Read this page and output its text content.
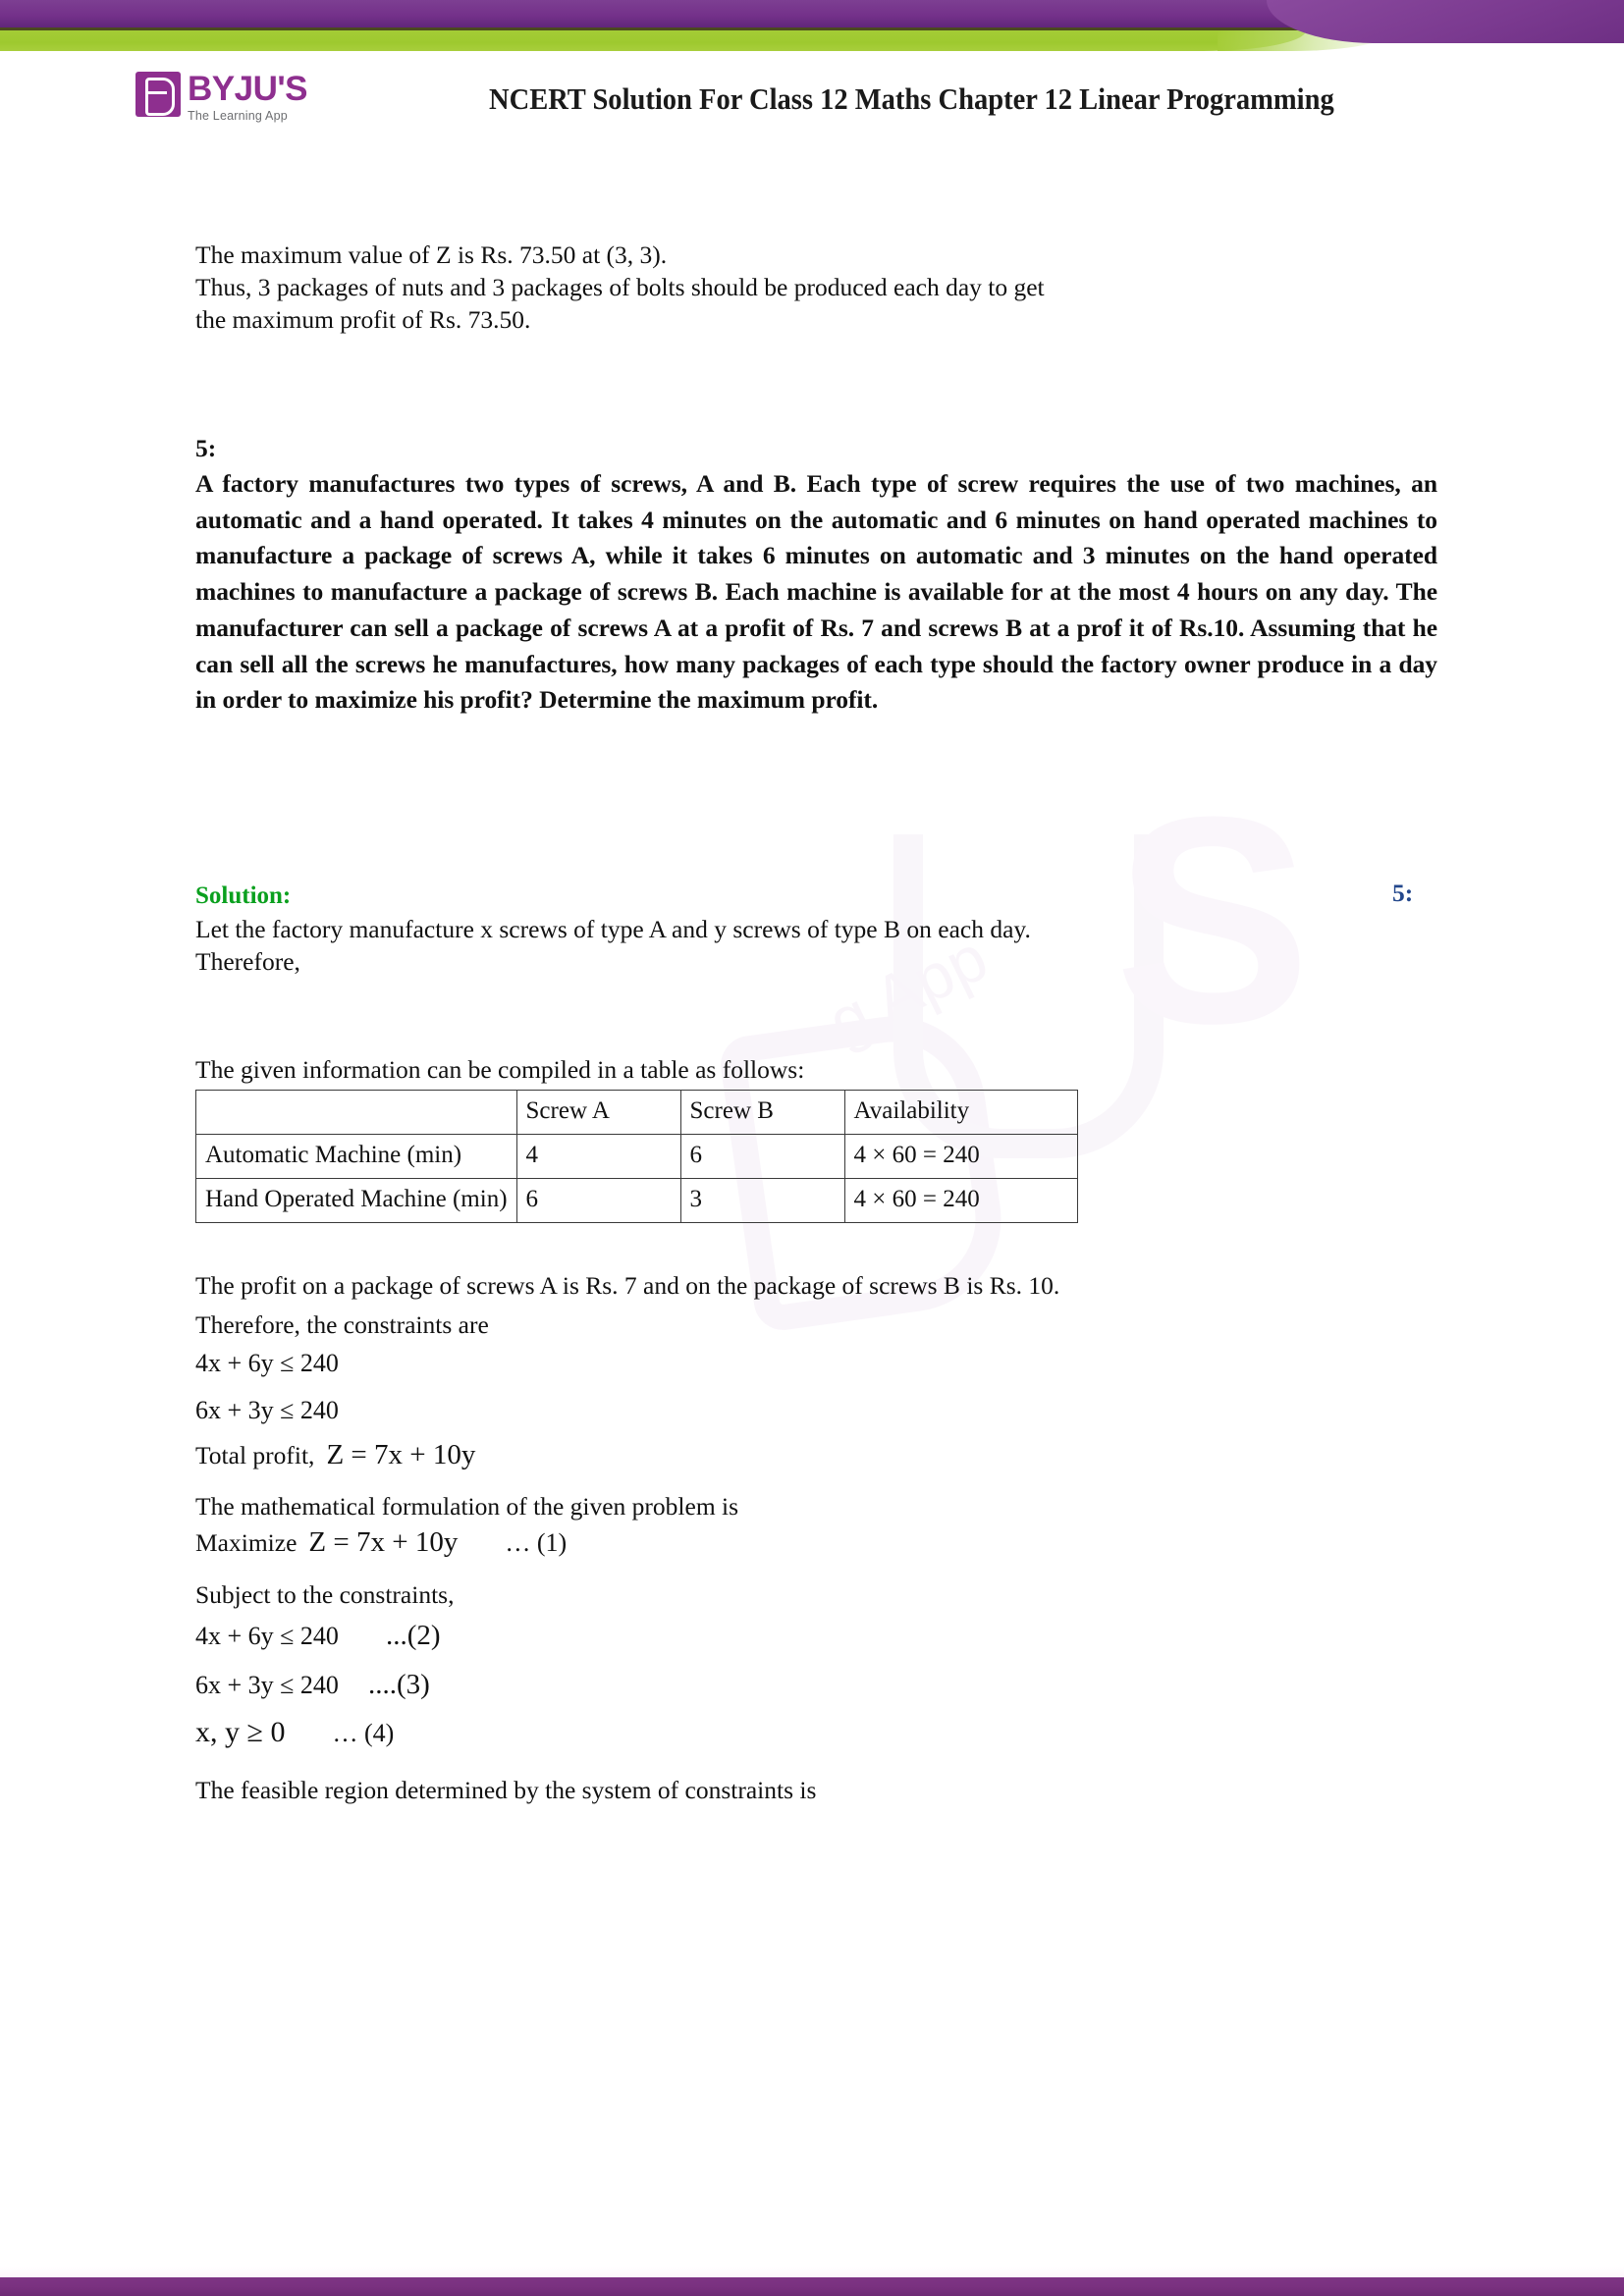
S
g App
BYJU'S
The Learning App	NCERT Solution For Class 12 Maths Chapter 12 Linear Programming
The maximum value of Z is Rs. 73.50 at (3, 3).
Thus, 3 packages of nuts and 3 packages of bolts should be produced each day to get
the maximum profit of Rs. 73.50.
5:
A factory manufactures two types of screws, A and B. Each type of screw requires the use of two machines, an automatic and a hand operated. It takes 4 minutes on the automatic and 6 minutes on hand operated machines to manufacture a package of screws A, while it takes 6 minutes on automatic and 3 minutes on the hand operated machines to manufacture a package of screws B. Each machine is available for at the most 4 hours on any day. The manufacturer can sell a package of screws A at a profit of Rs. 7 and screws B at a prof it of Rs.10. Assuming that he can sell all the screws he manufactures, how many packages of each type should the factory owner produce in a day in order to maximize his profit? Determine the maximum profit.
Solution:	5:
Let the factory manufacture x screws of type A and y screws of type B on each day.
Therefore,
The given information can be compiled in a table as follows:
	Screw A	Screw B	Availability
Automatic Machine (min)	4	6	4 × 60 = 240
Hand Operated Machine (min)	6	3	4 × 60 = 240
The profit on a package of screws A is Rs. 7 and on the package of screws B is Rs. 10.
Therefore, the constraints are
4x + 6y ≤ 240
6x + 3y ≤ 240
Total profit, Z = 7x + 10y
The mathematical formulation of the given problem is
Maximize Z = 7x + 10y … (1)
Subject to the constraints,
4x + 6y ≤ 240 ...(2)
6x + 3y ≤ 240 ....(3)
x, y ≥ 0 … (4)
The feasible region determined by the system of constraints is
